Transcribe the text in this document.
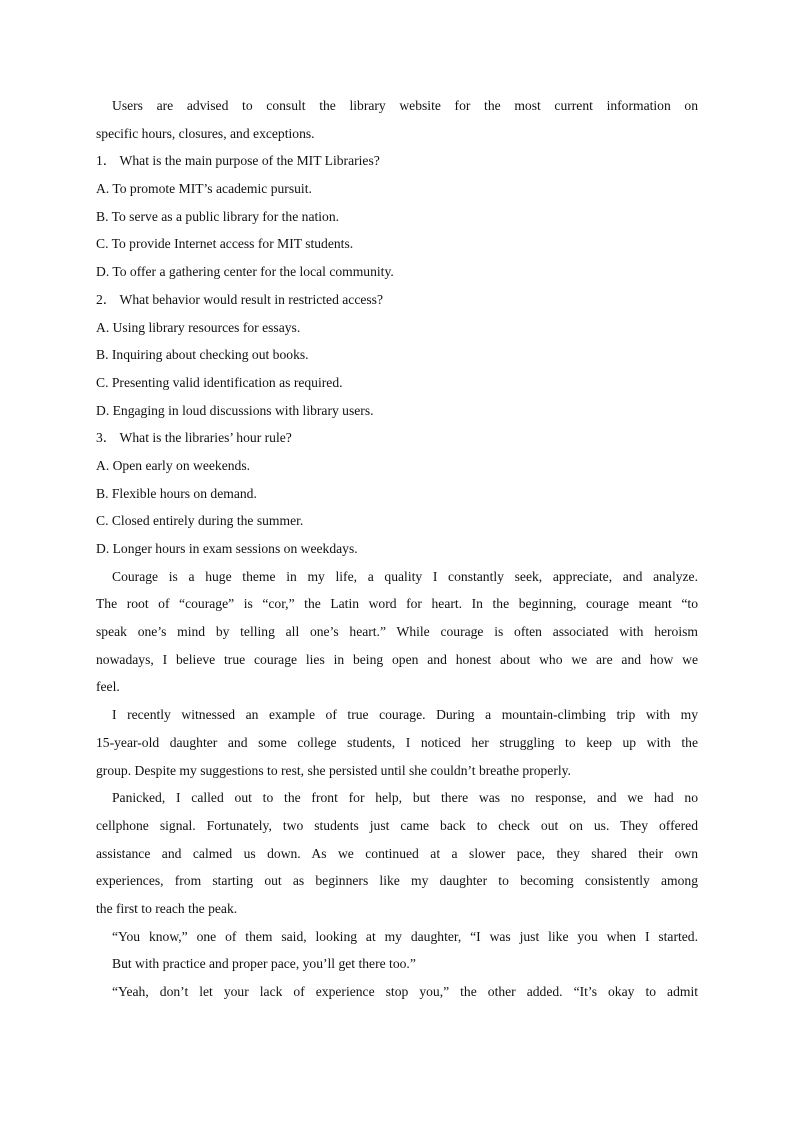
Users are advised to consult the library website for the most current information on
specific hours, closures, and exceptions.
1． What is the main purpose of the MIT Libraries?
A. To promote MIT’s academic pursuit.
B. To serve as a public library for the nation.
C. To provide Internet access for MIT students.
D. To offer a gathering center for the local community.
2． What behavior would result in restricted access?
A. Using library resources for essays.
B. Inquiring about checking out books.
C. Presenting valid identification as required.
D. Engaging in loud discussions with library users.
3． What is the libraries’ hour rule?
A. Open early on weekends.
B. Flexible hours on demand.
C. Closed entirely during the summer.
D. Longer hours in exam sessions on weekdays.
Courage is a huge theme in my life, a quality I constantly seek, appreciate, and analyze.
The root of “courage” is “cor,” the Latin word for heart. In the beginning, courage meant “to
speak one’s mind by telling all one’s heart.” While courage is often associated with heroism
nowadays, I believe true courage lies in being open and honest about who we are and how we
feel.
I recently witnessed an example of true courage. During a mountain-climbing trip with my
15-year-old daughter and some college students, I noticed her struggling to keep up with the
group. Despite my suggestions to rest, she persisted until she couldn’t breathe properly.
Panicked, I called out to the front for help, but there was no response, and we had no
cellphone signal. Fortunately, two students just came back to check out on us. They offered
assistance and calmed us down. As we continued at a slower pace, they shared their own
experiences, from starting out as beginners like my daughter to becoming consistently among
the first to reach the peak.
“You know,” one of them said, looking at my daughter, “I was just like you when I started.
But with practice and proper pace, you’ll get there too.”
“Yeah, don’t let your lack of experience stop you,” the other added. “It’s okay to admit
